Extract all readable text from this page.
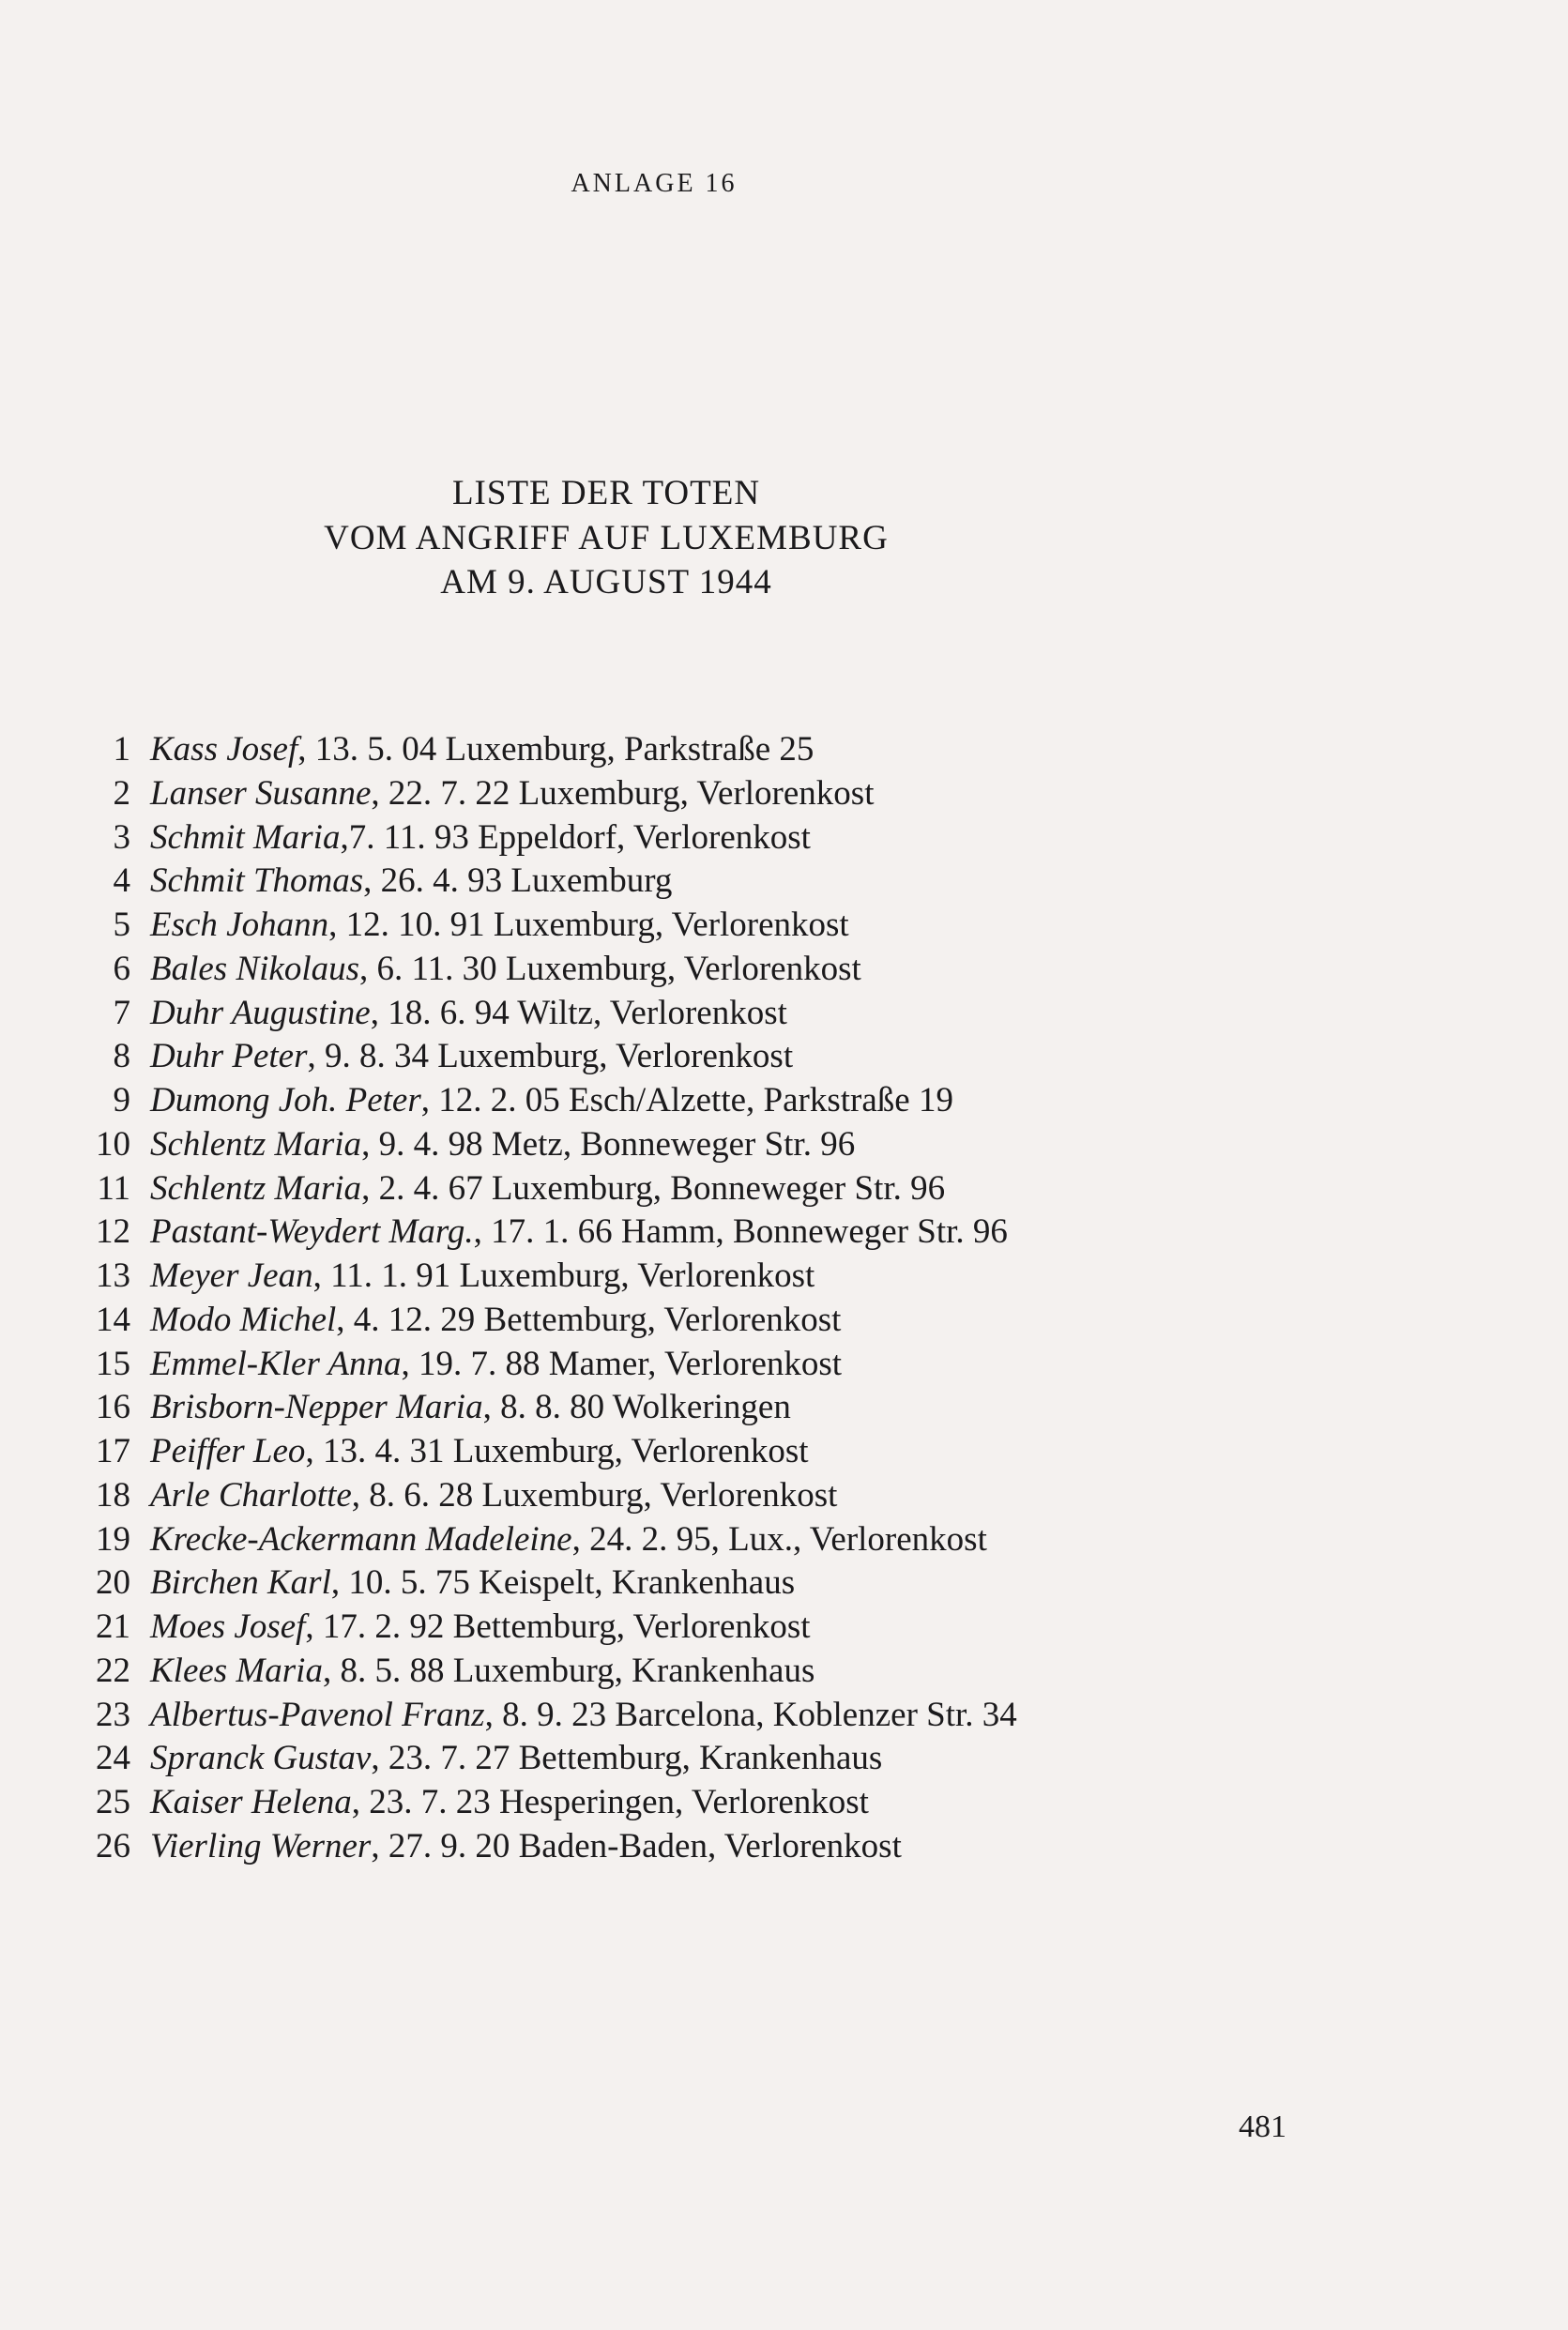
ANLAGE 16
LISTE DER TOTEN
VOM ANGRIFF AUF LUXEMBURG
AM 9. AUGUST 1944
1 Kass Josef, 13. 5. 04 Luxemburg, Parkstraße 25
2 Lanser Susanne, 22. 7. 22 Luxemburg, Verlorenkost
3 Schmit Maria,7. 11. 93 Eppeldorf, Verlorenkost
4 Schmit Thomas, 26. 4. 93 Luxemburg
5 Esch Johann, 12. 10. 91 Luxemburg, Verlorenkost
6 Bales Nikolaus, 6. 11. 30 Luxemburg, Verlorenkost
7 Duhr Augustine, 18. 6. 94 Wiltz, Verlorenkost
8 Duhr Peter, 9. 8. 34 Luxemburg, Verlorenkost
9 Dumong Joh. Peter, 12. 2. 05 Esch/Alzette, Parkstraße 19
10 Schlentz Maria, 9. 4. 98 Metz, Bonneweger Str. 96
11 Schlentz Maria, 2. 4. 67 Luxemburg, Bonneweger Str. 96
12 Pastant-Weydert Marg., 17. 1. 66 Hamm, Bonneweger Str. 96
13 Meyer Jean, 11. 1. 91 Luxemburg, Verlorenkost
14 Modo Michel, 4. 12. 29 Bettemburg, Verlorenkost
15 Emmel-Kler Anna, 19. 7. 88 Mamer, Verlorenkost
16 Brisborn-Nepper Maria, 8. 8. 80 Wolkeringen
17 Peiffer Leo, 13. 4. 31 Luxemburg, Verlorenkost
18 Arle Charlotte, 8. 6. 28 Luxemburg, Verlorenkost
19 Krecke-Ackermann Madeleine, 24. 2. 95, Lux., Verlorenkost
20 Birchen Karl, 10. 5. 75 Keispelt, Krankenhaus
21 Moes Josef, 17. 2. 92 Bettemburg, Verlorenkost
22 Klees Maria, 8. 5. 88 Luxemburg, Krankenhaus
23 Albertus-Pavenol Franz, 8. 9. 23 Barcelona, Koblenzer Str. 34
24 Spranck Gustav, 23. 7. 27 Bettemburg, Krankenhaus
25 Kaiser Helena, 23. 7. 23 Hesperingen, Verlorenkost
26 Vierling Werner, 27. 9. 20 Baden-Baden, Verlorenkost
481
